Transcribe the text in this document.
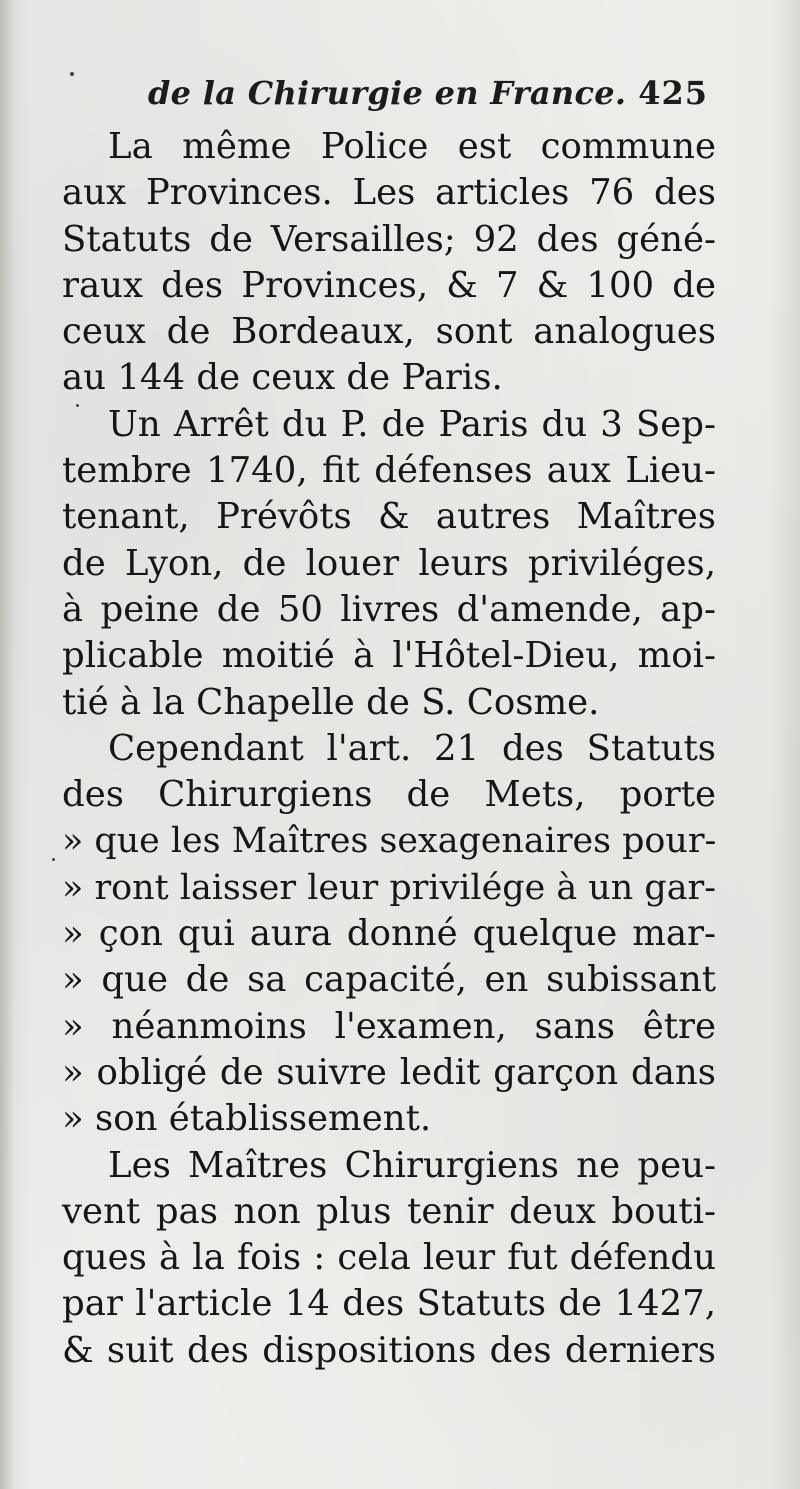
de la Chirurgie en France. 425
La même Police est commune
aux Provinces. Les articles 76 des
Statuts de Versailles; 92 des géné-
raux des Provinces, & 7 & 100 de
ceux de Bordeaux, sont analogues
au 144 de ceux de Paris.
Un Arrêt du P. de Paris du 3 Sep-
tembre 1740, fit défenses aux Lieu-
tenant, Prévôts & autres Maîtres
de Lyon, de louer leurs priviléges,
à peine de 50 livres d'amende, ap-
plicable moitié à l'Hôtel-Dieu, moi-
tié à la Chapelle de S. Cosme.
Cependant l'art. 21 des Statuts
des Chirurgiens de Mets, porte
» que les Maîtres sexagenaires pour-
» ront laisser leur privilége à un gar-
» çon qui aura donné quelque mar-
» que de sa capacité, en subissant
» néanmoins l'examen, sans être
» obligé de suivre ledit garçon dans
» son établissement.
Les Maîtres Chirurgiens ne peu-
vent pas non plus tenir deux bouti-
ques à la fois : cela leur fut défendu
par l'article 14 des Statuts de 1427,
& suit des dispositions des derniers
